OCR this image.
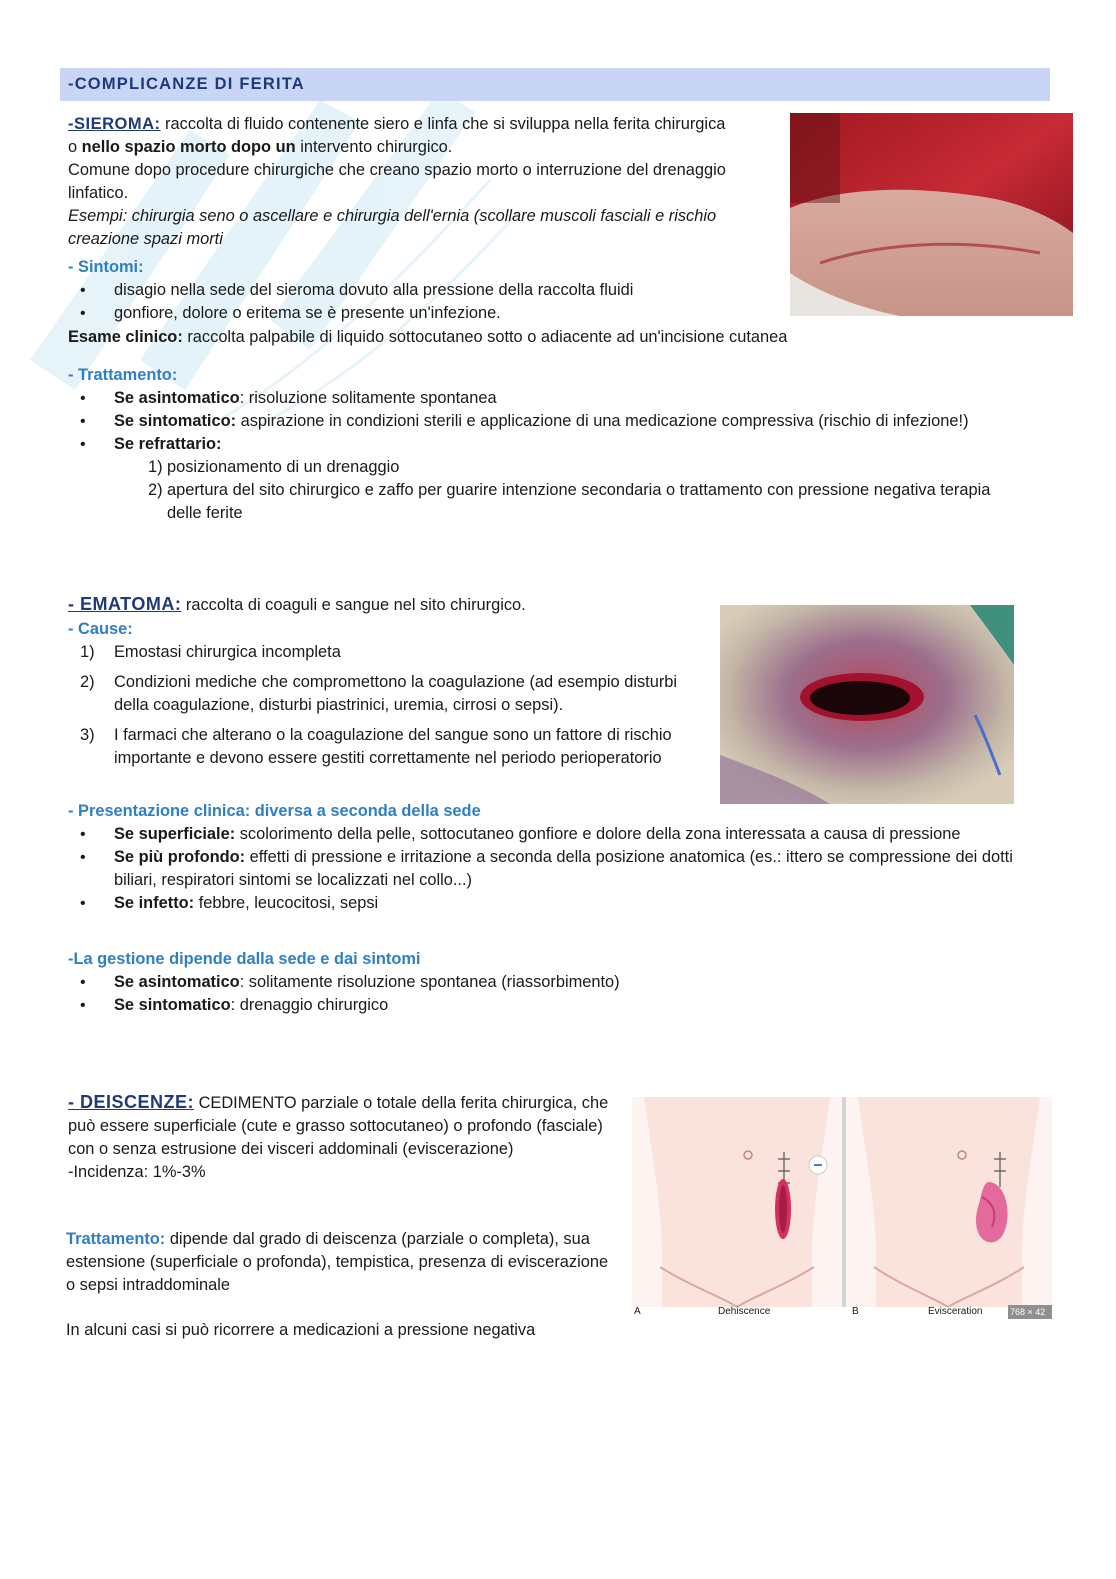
-COMPLICANZE DI FERITA

-SIEROMA: raccolta di fluido contenente siero e linfa che si sviluppa nella ferita chirurgica o nello spazio morto dopo un intervento chirurgico.

Comune dopo procedure chirurgiche che creano spazio morto o interruzione del drenaggio linfatico.

Esempi: chirurgia seno o ascellare e chirurgia dell'ernia (scollare muscoli fasciali e rischio creazione spazi morti

- Sintomi:
• disagio nella sede del sieroma dovuto alla pressione della raccolta fluidi
• gonfiore, dolore o eritema se è presente un'infezione.
Esame clinico: raccolta palpabile di liquido sottocutaneo sotto o adiacente ad un'incisione cutanea
- Trattamento:
• Se asintomatico: risoluzione solitamente spontanea
• Se sintomatico: aspirazione in condizioni sterili e applicazione di una medicazione compressiva (rischio di infezione!)
• Se refrattario:
1) posizionamento di un drenaggio
2) apertura del sito chirurgico e zaffo per guarire intenzione secondaria o trattamento con pressione negativa terapia delle ferite
- EMATOMA: raccolta di coaguli e sangue nel sito chirurgico.
- Cause:
1) Emostasi chirurgica incompleta
2) Condizioni mediche che compromettono la coagulazione (ad esempio disturbi della coagulazione, disturbi piastrinici, uremia, cirrosi o sepsi).
3) I farmaci che alterano o la coagulazione del sangue sono un fattore di rischio importante e devono essere gestiti correttamente nel periodo perioperatorio
- Presentazione clinica: diversa a seconda della sede
• Se superficiale: scolorimento della pelle, sottocutaneo gonfiore e dolore della zona interessata a causa di pressione
• Se più profondo: effetti di pressione e irritazione a seconda della posizione anatomica (es.: ittero se compressione dei dotti biliari, respiratori sintomi se localizzati nel collo...)
• Se infetto: febbre, leucocitosi, sepsi
-La gestione dipende dalla sede e dai sintomi
• Se asintomatico: solitamente risoluzione spontanea (riassorbimento)
• Se sintomatico: drenaggio chirurgico

- DEISCENZE: CEDIMENTO parziale o totale della ferita chirurgica, che può essere superficiale (cute e grasso sottocutaneo) o profondo (fasciale) con o senza estrusione dei visceri addominali (eviscerazione)

-Incidenza: 1%-3%

Trattamento: dipende dal grado di deiscenza (parziale o completa), sua estensione (superficiale o profonda), tempistica, presenza di eviscerazione o sepsi intraddominale

In alcuni casi si può ricorrere a medicazioni a pressione negativa
A	Dehiscence	B	Evisceration	768 × 42
